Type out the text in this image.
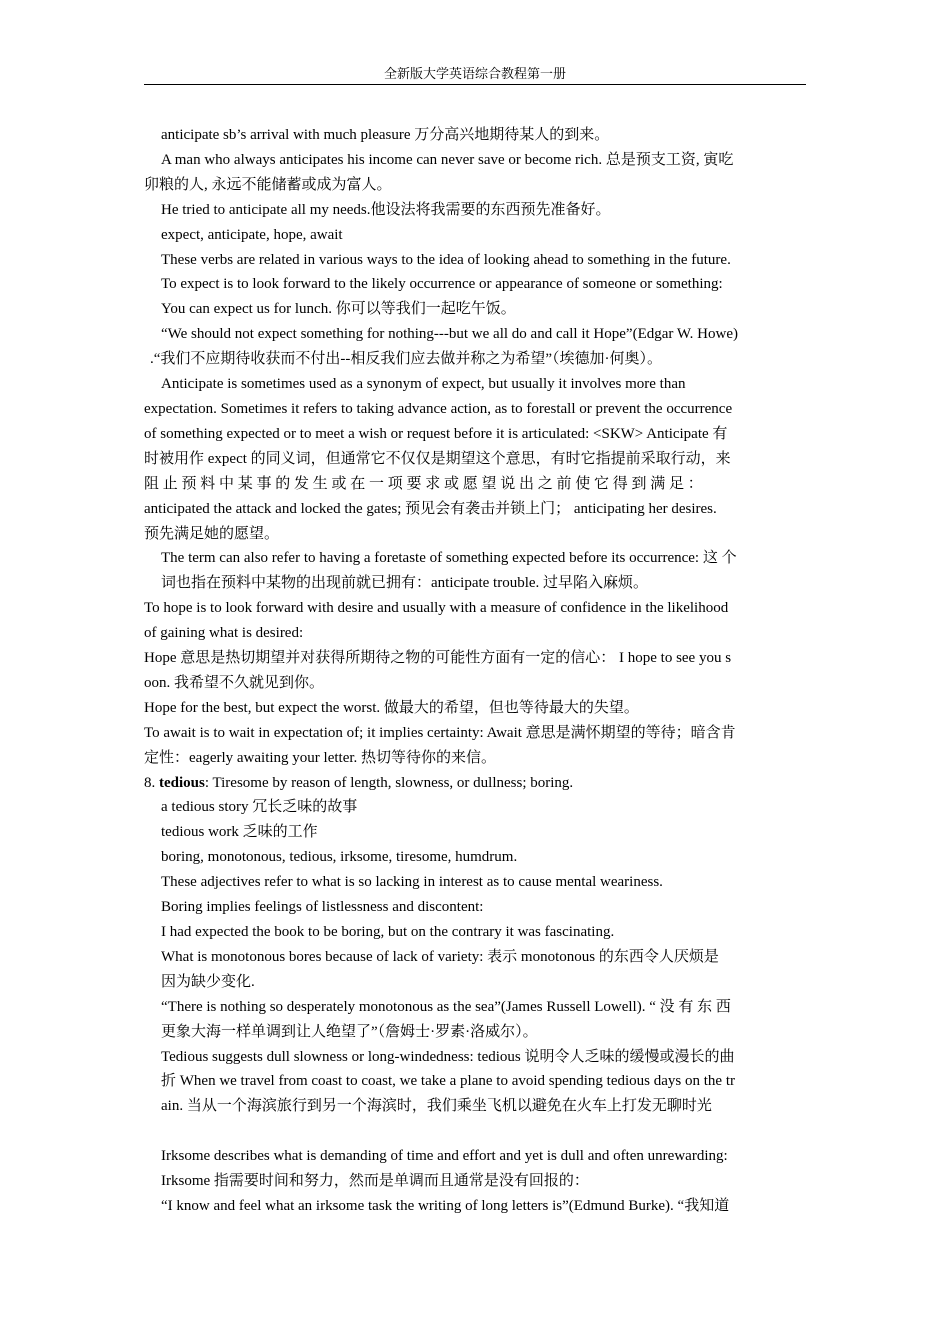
全新版大学英语综合教程第一册

anticipate sb’s arrival with much pleasure 万分高兴地期待某人的到来。

A man who always anticipates his income can never save or become rich. 总是预支工资, 寅吃

卯粮的人, 永远不能储蓄或成为富人。

He tried to anticipate all my needs.他设法将我需要的东西预先准备好。

expect, anticipate, hope, await

These verbs are related in various ways to the idea of looking ahead to something in the future.

To expect is to look forward to the likely occurrence or appearance of someone or something:

You can expect us for lunch. 你可以等我们一起吃午饭。

“We should not expect something for nothing---but we all do and call it Hope”(Edgar W. Howe)

.“我们不应期待收获而不付出--相反我们应去做并称之为希望”（埃德加·何奥）。

Anticipate is sometimes used as a synonym of expect, but usually it involves more than

expectation. Sometimes it refers to taking advance action, as to forestall or prevent the occurrence

of something expected or to meet a wish or request before it is articulated: <SKW> Anticipate 有

时被用作 expect 的同义词，但通常它不仅仅是期望这个意思，有时它指提前采取行动，来

阻 止 预 料 中 某 事 的 发 生 或 在 一 项 要 求 或 愿 望 说 出 之 前 使 它 得 到 满 足 ：

anticipated the attack and locked the gates; 预见会有袭击并锁上门； anticipating her desires.

预先满足她的愿望。

The term can also refer to having a foretaste of something expected before its occurrence: 这 个

词也指在预料中某物的出现前就已拥有：anticipate trouble. 过早陷入麻烦。

To hope is to look forward with desire and usually with a measure of confidence in the likelihood

of gaining what is desired:

Hope 意思是热切期望并对获得所期待之物的可能性方面有一定的信心： I hope to see you s

oon. 我希望不久就见到你。

Hope for the best, but expect the worst. 做最大的希望，但也等待最大的失望。

To await is to wait in expectation of; it implies certainty: Await 意思是满怀期望的等待；暗含肯

定性：eagerly awaiting your letter. 热切等待你的来信。

8. tedious: Tiresome by reason of length, slowness, or dullness; boring.

a tedious story 冗长乏味的故事

tedious work 乏味的工作

boring, monotonous, tedious, irksome, tiresome, humdrum.

These adjectives refer to what is so lacking in interest as to cause mental weariness.

Boring implies feelings of listlessness and discontent:

I had expected the book to be boring, but on the contrary it was fascinating.

What is monotonous bores because of lack of variety: 表示 monotonous 的东西令人厌烦是

因为缺少变化.

“There is nothing so desperately monotonous as the sea”(James Russell Lowell). “ 没 有 东 西

更象大海一样单调到让人绝望了”（詹姆士·罗素·洛威尔）。

Tedious suggests dull slowness or long-windedness: tedious 说明令人乏味的缓慢或漫长的曲

折 When we travel from coast to coast, we take a plane to avoid spending tedious days on the tr

ain. 当从一个海滨旅行到另一个海滨时，我们乘坐飞机以避免在火车上打发无聊时光

Irksome describes what is demanding of time and effort and yet is dull and often unrewarding:

Irksome 指需要时间和努力，然而是单调而且通常是没有回报的：

“I know and feel what an irksome task the writing of long letters is”(Edmund Burke). “我知道
